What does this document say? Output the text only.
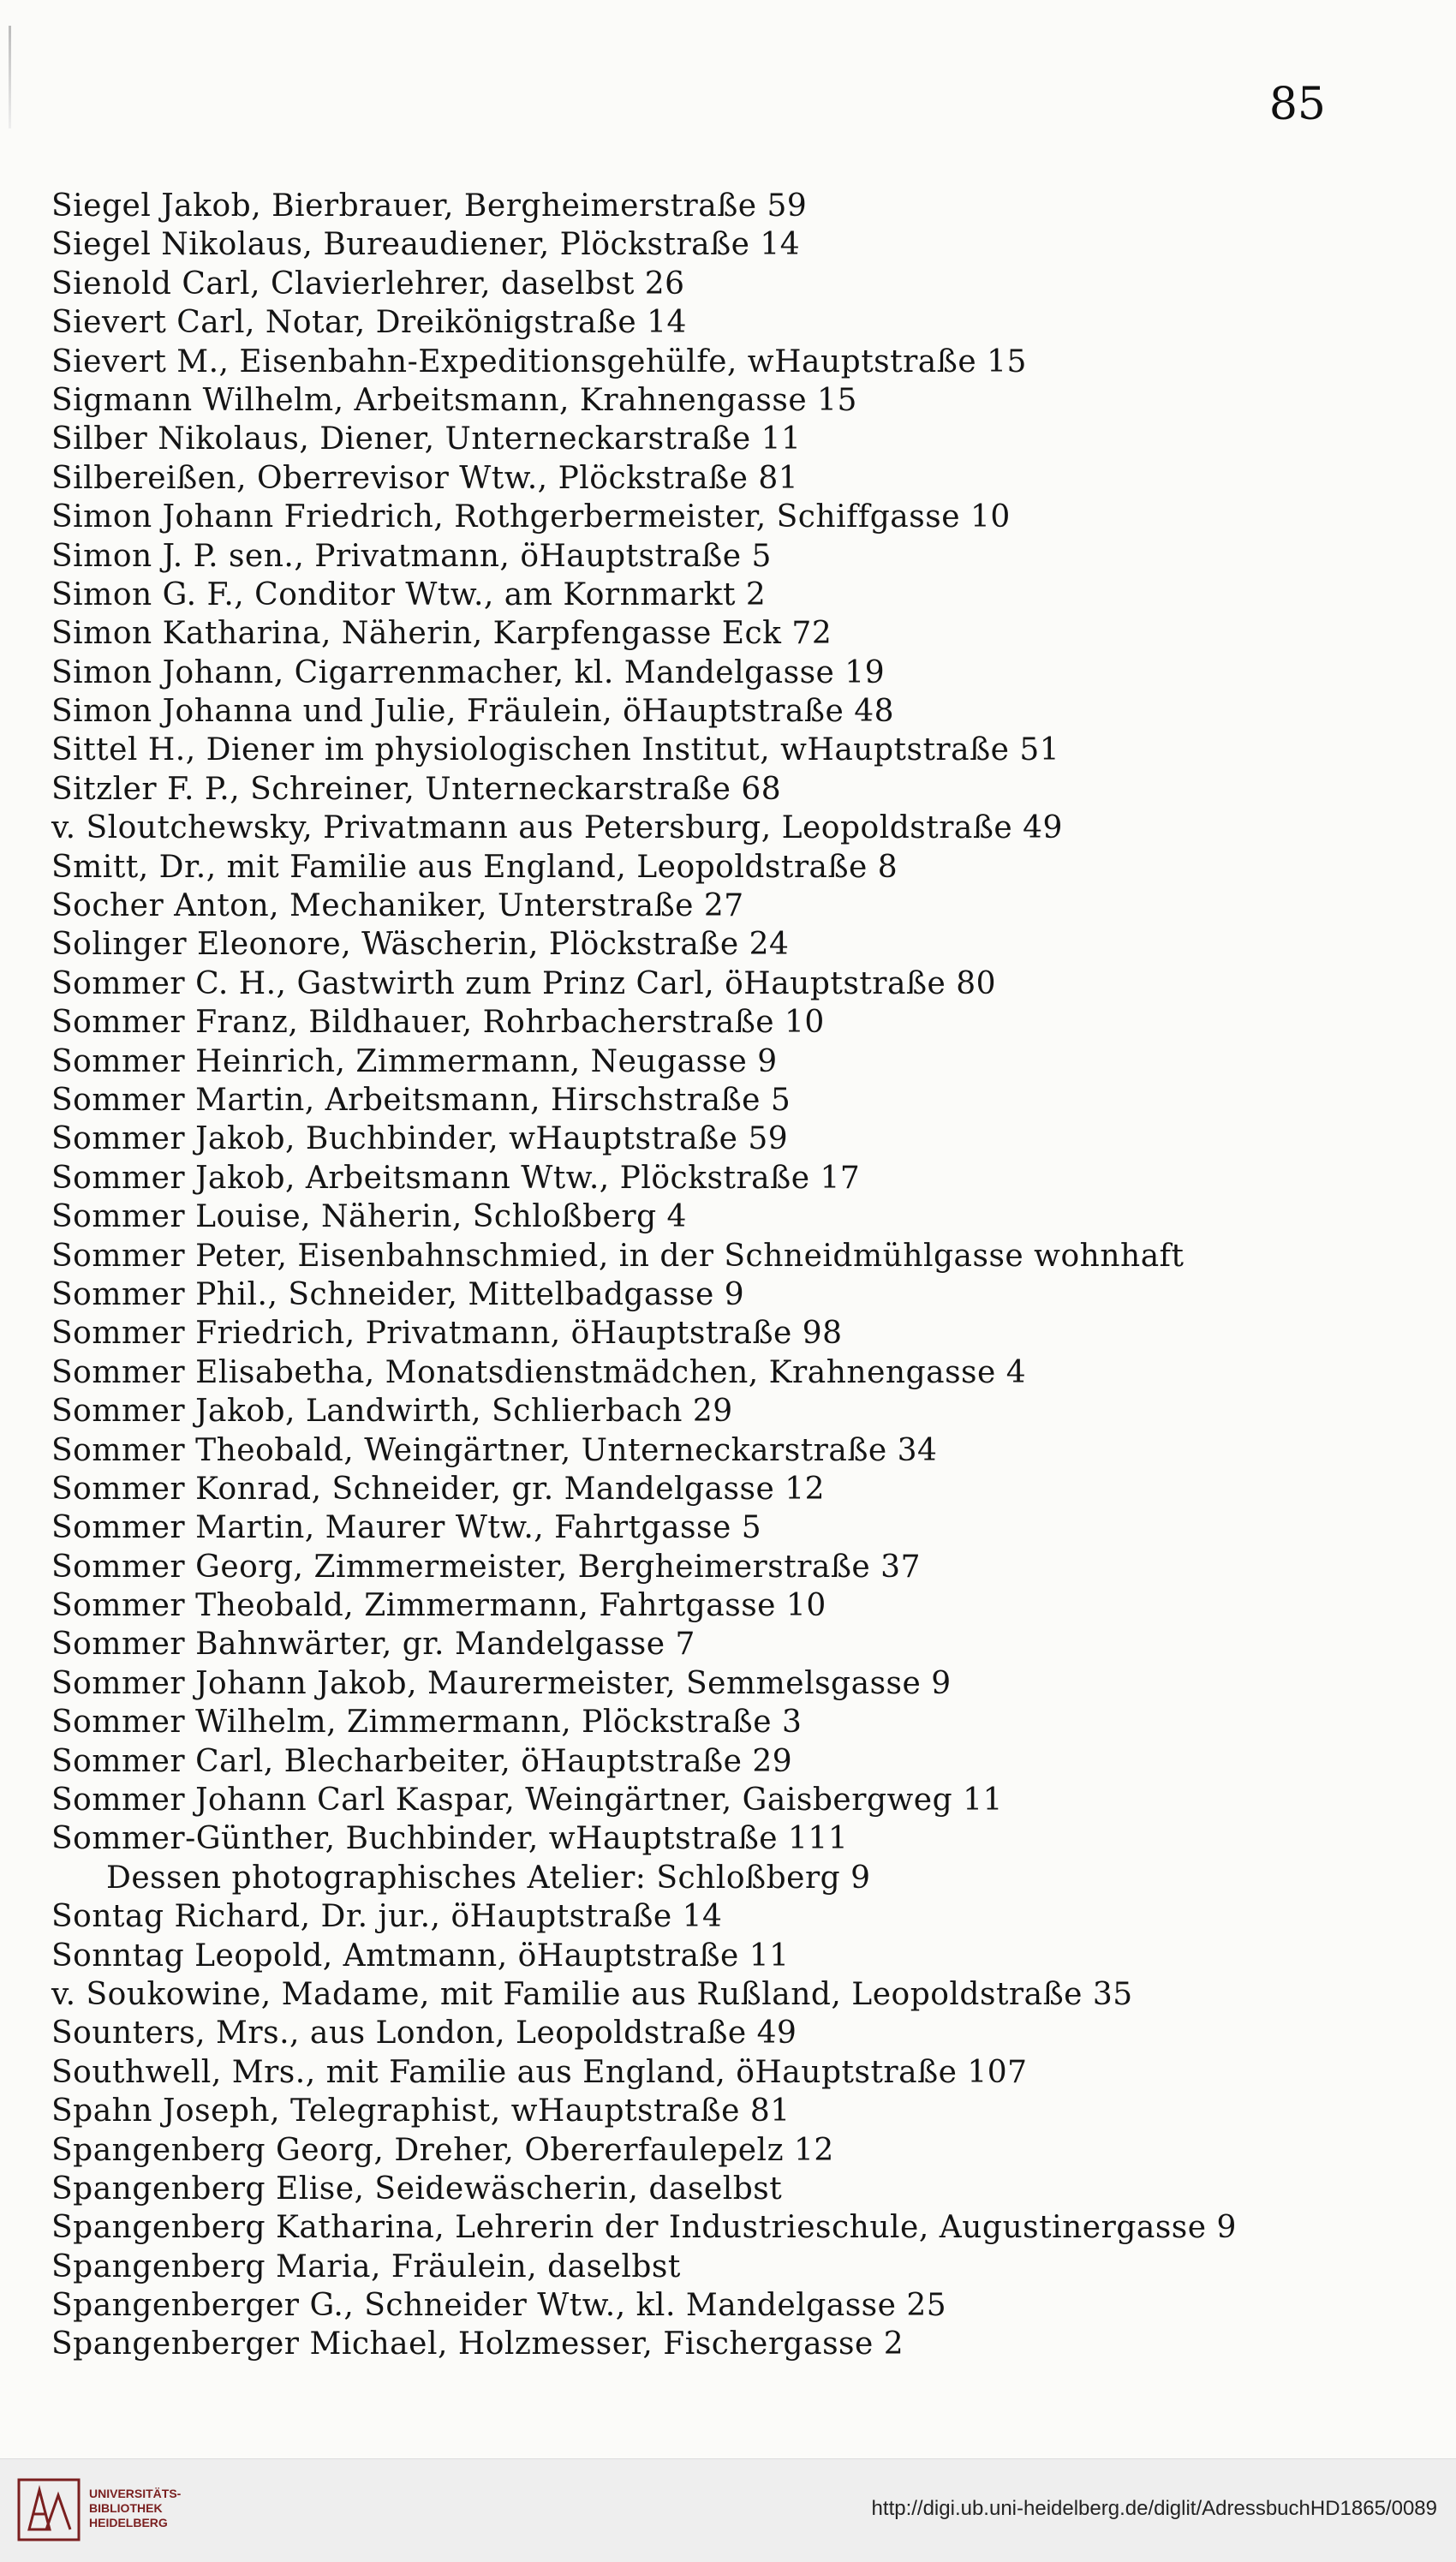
85
Siegel Jakob, Bierbrauer, Bergheimerstraße 59
Siegel Nikolaus, Bureaudiener, Plöckstraße 14
Sienold Carl, Clavierlehrer, daselbst 26
Sievert Carl, Notar, Dreikönigstraße 14
Sievert M., Eisenbahn-Expeditionsgehülfe, wHauptstraße 15
Sigmann Wilhelm, Arbeitsmann, Krahnengasse 15
Silber Nikolaus, Diener, Unterneckarstraße 11
Silbereißen, Oberrevisor Wtw., Plöckstraße 81
Simon Johann Friedrich, Rothgerbermeister, Schiffgasse 10
Simon J. P. sen., Privatmann, öHauptstraße 5
Simon G. F., Conditor Wtw., am Kornmarkt 2
Simon Katharina, Näherin, Karpfengasse Eck 72
Simon Johann, Cigarrenmacher, kl. Mandelgasse 19
Simon Johanna und Julie, Fräulein, öHauptstraße 48
Sittel H., Diener im physiologischen Institut, wHauptstraße 51
Sitzler F. P., Schreiner, Unterneckarstraße 68
v. Sloutchewsky, Privatmann aus Petersburg, Leopoldstraße 49
Smitt, Dr., mit Familie aus England, Leopoldstraße 8
Socher Anton, Mechaniker, Unterstraße 27
Solinger Eleonore, Wäscherin, Plöckstraße 24
Sommer C. H., Gastwirth zum Prinz Carl, öHauptstraße 80
Sommer Franz, Bildhauer, Rohrbacherstraße 10
Sommer Heinrich, Zimmermann, Neugasse 9
Sommer Martin, Arbeitsmann, Hirschstraße 5
Sommer Jakob, Buchbinder, wHauptstraße 59
Sommer Jakob, Arbeitsmann Wtw., Plöckstraße 17
Sommer Louise, Näherin, Schloßberg 4
Sommer Peter, Eisenbahnschmied, in der Schneidmühlgasse wohnhaft
Sommer Phil., Schneider, Mittelbadgasse 9
Sommer Friedrich, Privatmann, öHauptstraße 98
Sommer Elisabetha, Monatsdienstmädchen, Krahnengasse 4
Sommer Jakob, Landwirth, Schlierbach 29
Sommer Theobald, Weingärtner, Unterneckarstraße 34
Sommer Konrad, Schneider, gr. Mandelgasse 12
Sommer Martin, Maurer Wtw., Fahrtgasse 5
Sommer Georg, Zimmermeister, Bergheimerstraße 37
Sommer Theobald, Zimmermann, Fahrtgasse 10
Sommer Bahnwärter, gr. Mandelgasse 7
Sommer Johann Jakob, Maurermeister, Semmelsgasse 9
Sommer Wilhelm, Zimmermann, Plöckstraße 3
Sommer Carl, Blecharbeiter, öHauptstraße 29
Sommer Johann Carl Kaspar, Weingärtner, Gaisbergweg 11
Sommer-Günther, Buchbinder, wHauptstraße 111
Dessen photographisches Atelier: Schloßberg 9
Sontag Richard, Dr. jur., öHauptstraße 14
Sonntag Leopold, Amtmann, öHauptstraße 11
v. Soukowine, Madame, mit Familie aus Rußland, Leopoldstraße 35
Sounters, Mrs., aus London, Leopoldstraße 49
Southwell, Mrs., mit Familie aus England, öHauptstraße 107
Spahn Joseph, Telegraphist, wHauptstraße 81
Spangenberg Georg, Dreher, Obererfaulepelz 12
Spangenberg Elise, Seidewäscherin, daselbst
Spangenberg Katharina, Lehrerin der Industrieschule, Augustinergasse 9
Spangenberg Maria, Fräulein, daselbst
Spangenberger G., Schneider Wtw., kl. Mandelgasse 25
Spangenberger Michael, Holzmesser, Fischergasse 2
UNIVERSITÄTS-
BIBLIOTHEK
HEIDELBERG
http://digi.ub.uni-heidelberg.de/diglit/AdressbuchHD1865/0089
